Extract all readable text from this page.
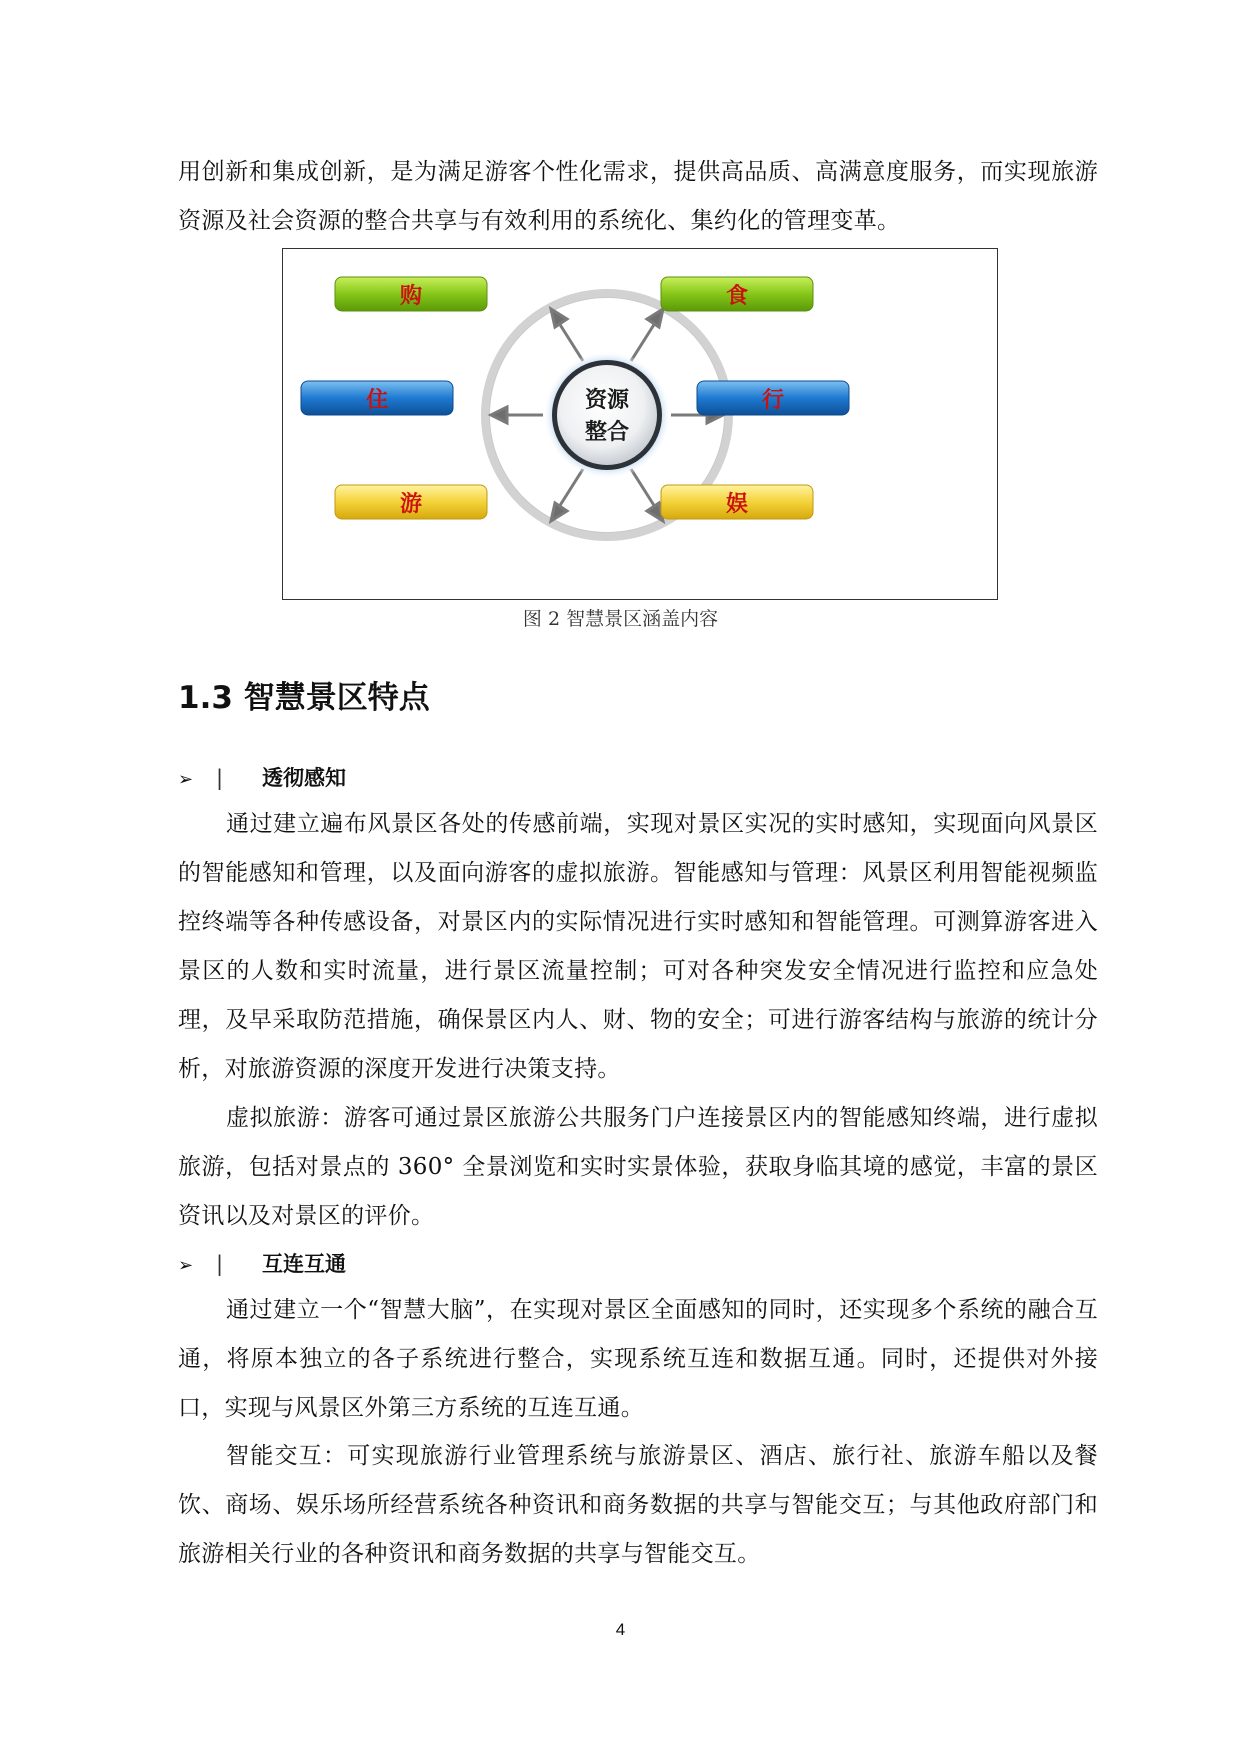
用创新和集成创新，是为满足游客个性化需求，提供高品质、高满意度服务，而实现旅游资源及社会资源的整合共享与有效利用的系统化、集约化的管理变革。

资源
整合
购	食
住	行
游	娱
图 2 智慧景区涵盖内容
1.3 智慧景区特点
➢ | 透彻感知

通过建立遍布风景区各处的传感前端，实现对景区实况的实时感知，实现面向风景区的智能感知和管理，以及面向游客的虚拟旅游。智能感知与管理：风景区利用智能视频监控终端等各种传感设备，对景区内的实际情况进行实时感知和智能管理。可测算游客进入景区的人数和实时流量，进行景区流量控制；可对各种突发安全情况进行监控和应急处理，及早采取防范措施，确保景区内人、财、物的安全；可进行游客结构与旅游的统计分析，对旅游资源的深度开发进行决策支持。

虚拟旅游：游客可通过景区旅游公共服务门户连接景区内的智能感知终端，进行虚拟旅游，包括对景点的 360° 全景浏览和实时实景体验，获取身临其境的感觉，丰富的景区资讯以及对景区的评价。

➢ | 互连互通

通过建立一个“智慧大脑”，在实现对景区全面感知的同时，还实现多个系统的融合互通，将原本独立的各子系统进行整合，实现系统互连和数据互通。同时，还提供对外接口，实现与风景区外第三方系统的互连互通。

智能交互：可实现旅游行业管理系统与旅游景区、酒店、旅行社、旅游车船以及餐饮、商场、娱乐场所经营系统各种资讯和商务数据的共享与智能交互；与其他政府部门和旅游相关行业的各种资讯和商务数据的共享与智能交互。

4
